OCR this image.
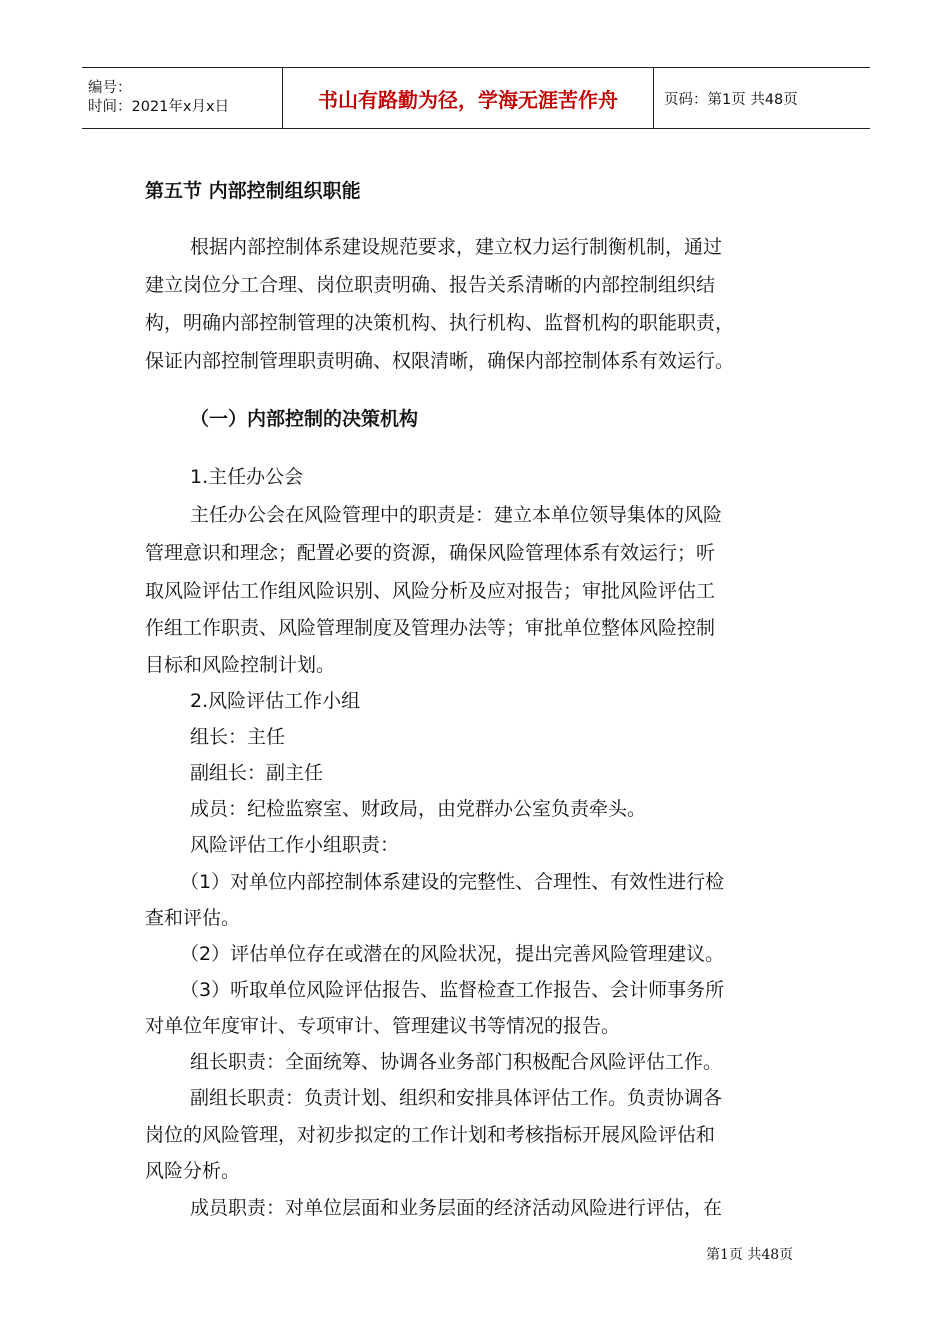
编号：
时间：2021年x月x日	书山有路勤为径，学海无涯苦作舟	页码：第1页 共48页
第五节 内部控制组织职能
根据内部控制体系建设规范要求，建立权力运行制衡机制，通过
建立岗位分工合理、岗位职责明确、报告关系清晰的内部控制组织结
构，明确内部控制管理的决策机构、执行机构、监督机构的职能职责，
保证内部控制管理职责明确、权限清晰，确保内部控制体系有效运行。
（一）内部控制的决策机构
1.主任办公会
主任办公会在风险管理中的职责是：建立本单位领导集体的风险
管理意识和理念；配置必要的资源，确保风险管理体系有效运行；听
取风险评估工作组风险识别、风险分析及应对报告；审批风险评估工
作组工作职责、风险管理制度及管理办法等；审批单位整体风险控制
目标和风险控制计划。
2.风险评估工作小组
组长：主任
副组长：副主任
成员：纪检监察室、财政局，由党群办公室负责牵头。
风险评估工作小组职责：
（1）对单位内部控制体系建设的完整性、合理性、有效性进行检
查和评估。
（2）评估单位存在或潜在的风险状况，提出完善风险管理建议。
（3）听取单位风险评估报告、监督检查工作报告、会计师事务所
对单位年度审计、专项审计、管理建议书等情况的报告。
组长职责：全面统筹、协调各业务部门积极配合风险评估工作。
副组长职责：负责计划、组织和安排具体评估工作。负责协调各
岗位的风险管理，对初步拟定的工作计划和考核指标开展风险评估和
风险分析。
成员职责：对单位层面和业务层面的经济活动风险进行评估，在
第1页 共48页
